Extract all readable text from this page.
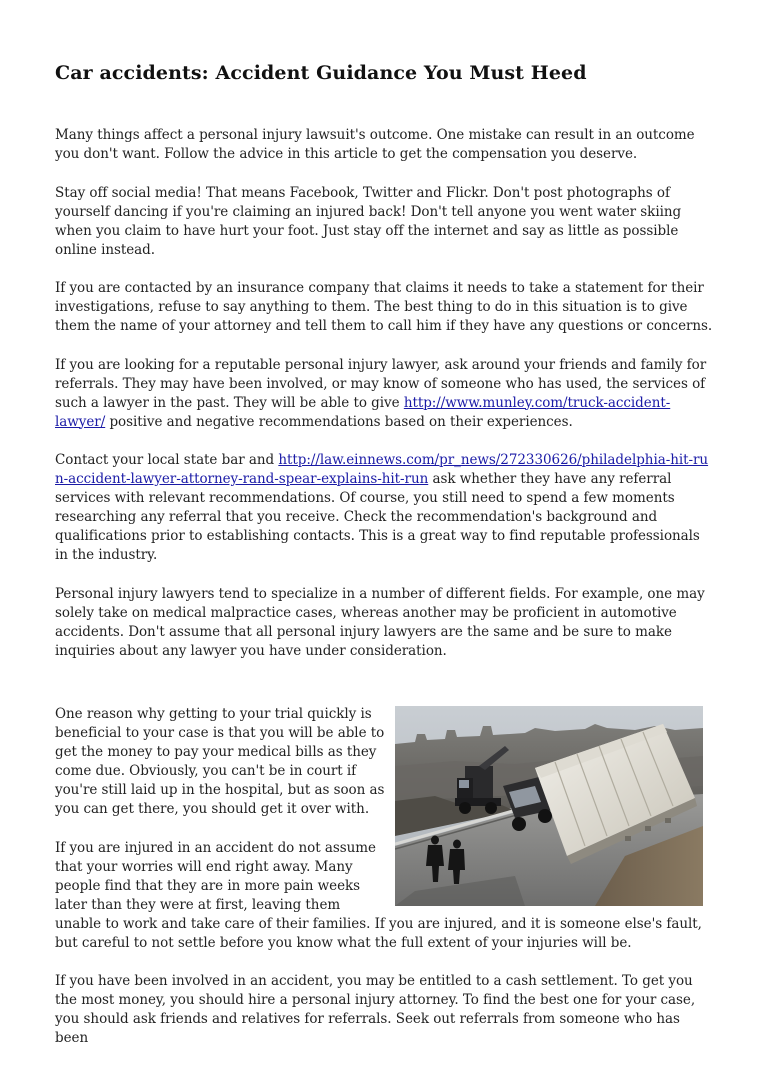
Car accidents: Accident Guidance You Must Heed

Many things affect a personal injury lawsuit's outcome. One mistake can result in an outcome you don't want. Follow the advice in this article to get the compensation you deserve.

Stay off social media! That means Facebook, Twitter and Flickr. Don't post photographs of yourself dancing if you're claiming an injured back! Don't tell anyone you went water skiing when you claim to have hurt your foot. Just stay off the internet and say as little as possible online instead.

If you are contacted by an insurance company that claims it needs to take a statement for their investigations, refuse to say anything to them. The best thing to do in this situation is to give them the name of your attorney and tell them to call him if they have any questions or concerns.

If you are looking for a reputable personal injury lawyer, ask around your friends and family for referrals. They may have been involved, or may know of someone who has used, the services of such a lawyer in the past. They will be able to give http://www.munley.com/truck-accident-lawyer/ positive and negative recommendations based on their experiences.

Contact your local state bar and http://law.einnews.com/pr_news/272330626/philadelphia-hit-run-accident-lawyer-attorney-rand-spear-explains-hit-run ask whether they have any referral services with relevant recommendations. Of course, you still need to spend a few moments researching any referral that you receive. Check the recommendation's background and qualifications prior to establishing contacts. This is a great way to find reputable professionals in the industry.

Personal injury lawyers tend to specialize in a number of different fields. For example, one may solely take on medical malpractice cases, whereas another may be proficient in automotive accidents. Don't assume that all personal injury lawyers are the same and be sure to make inquiries about any lawyer you have under consideration.

One reason why getting to your trial quickly is beneficial to your case is that you will be able to get the money to pay your medical bills as they come due. Obviously, you can't be in court if you're still laid up in the hospital, but as soon as you can get there, you should get it over with.

If you are injured in an accident do not assume that your worries will end right away. Many people find that they are in more pain weeks later than they were at first, leaving them unable to work and take care of their families. If you are injured, and it is someone else's fault, but careful to not settle before you know what the full extent of your injuries will be.

If you have been involved in an accident, you may be entitled to a cash settlement. To get you the most money, you should hire a personal injury attorney. To find the best one for your case, you should ask friends and relatives for referrals. Seek out referrals from someone who has been
